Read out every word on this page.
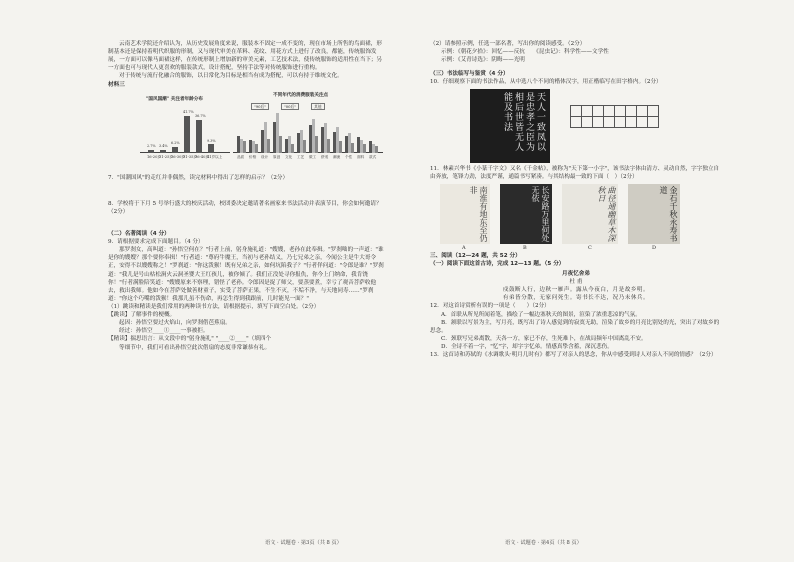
云南艺术学院还介绍认为，从历史发展角度来说，服装本不固定一成不变的，现在市场上所售的鸟面裙，形制基本还是保持着明代织服的形制，又与现代审美在革料、花纹、用花方式上进行了改良，都能，传统服饰发展，一方面可以像马面裙这样，在传统形制上增加新的审美元素，工艺技术法，使传统服饰的适用性在当下；另一方面也可与现代人更喜欢的服装款式，设计搭配，坚持手法等对传统服饰进行重构。

对于传统与流行化融合的服饰，以日常化为目标是相当有成为搭配，可以有持于维统文化。

材料三

"国风国潮" 关注者年龄分布
2.7%
16-20岁
3.4%
21-25岁
6.2%
26-30岁
41.7%
31-35岁
36.7%
36-40岁
9.3%
41岁以上
不同年代的消费服装关注点
"90后"	"00后"	其他
品质 价格 设计 原创 文化 工艺 做工 舒适 潮流 个性 面料 款式

7．"国潮国风"的走红并非偶然，读完材料中得出了怎样的启示？（2分）

8．学校将于下月 5 号举行盛大的校庆活动，校团委决定邀请著名画家来书法活动并表演节目，你会如何邀请？（2分）

（二）名著阅读（4 分）

9．请根据要求完成下面题目。（4 分）

那罗刹女，高叫道："孙悟空何在？"行者上前，躬身施礼道："嫂嫂，老孙在此奉揖。"罗刹咄的一声道："谁是你的嫂嫂？那个要你奉揖！"行者道："尊府牛魔王，当初与老孙结义，乃七兄弟之亲，今闻公主是牛大哥令正，安得不以嫂嫂称之！"罗刹道："你这泼猴！既有兄弟之亲，如何坑陷我子？"行者佯问道："令郎是谁？"罗刹道："我儿是号山枯松涧火云洞圣婴大王红孩儿，被你倾了。我们正没处寻你报仇，你今上门纳命，我肯饶你！"行者满脸陪笑道："嫂嫂原来不察理，错怪了老孙。令郎因是捉了师父，要蒸要煮，幸亏了观音菩萨收他去，救出我师。他如今在菩萨处做善财童子，实受了菩萨正果，不生不灭，不垢不净，与天地同寿……"罗刹道："你这个巧嘴的泼猴！我那儿虽不伤命，再怎生得到我跟前，几时能见一面？"

（1）跳读和精读是我们常用的两种读书方法，请根据提示，填写下面空白处。（2分）

【跳读】了解事件的梗概。

起因：孙悟空要过火焰山，向罗刹借芭蕉扇。

经过：孙悟空____①____一事被拒。

【精读】揣思语言：从文段中的"躬身施礼" "____②____"（填四个

等细节中，我们可看出孙悟空此次借扇的态度非常谦恭有礼。

（2）请参照示例，任选一部名著，写出你的阅读感受。（2分）

示例：《朝花夕拾》：回忆——反抗　　《昆虫记》：科学性——文学性

示例：《艾青诗选》：阴晦——光明

（三）书法临写与鉴赏（4 分）

10．仔细观察下面的书法作品，从中选八个不同的楷体汉字，用正楷临写在田字格内。（2分）

天人一致凤以是忠孝之臣为相后世皆无人能及书法

11．林素兴华书《小篆千字文》又名《千金帖》，被称为"天下第一小字"，该书法字体由清方、灵动自然，字字独立自由奔放，笔锋力劲，法度严谨，通篇书写紧凑。与其结构最一致的下面（　）（2分）

南淮有地东至仍非	长安路万里何处无依	曲径通幽草木深秋日	金石千秋永寿书道
A	B	C	D

三、阅读（12—24 题，共 52 分）

（一）阅读下面这首古诗，完成 12—13 题。（5 分）

月夜忆舍弟

杜 甫

戍鼓断人行，边秋一雁声。露从今夜白，月是故乡明。

有弟皆分散，无家问死生。寄书长不达，况乃未休兵。

12．对这首诗赏析有误的一项是（　　）（2分）

A．首联从所见所闻着笔，描绘了一幅边塞秋天的图景，渲染了浓重悲凉的气氛。

B．颔联以写景为主，写月亮，既写出了诗人感觉到的寂寞无助，渲染了故乡的月亮比别处的光，突出了对故乡的思念。

C．颈联写兄弟离散，天各一方，家已不存，生死难卜，在战局频年中国离乱不安。

D．全诗不着一字，"忆"字，却字字忆弟。情感真挚含蓄，深沉悲伤。

13．这首诗和苏轼的《水调歌头·明月几时有》都写了对亲人的思念，你从中感受到诗人对亲人不同的情感？（2分）

语文 · 试题卷 · 第3页（共 8 页）	语文 · 试题卷 · 第4页（共 8 页）
